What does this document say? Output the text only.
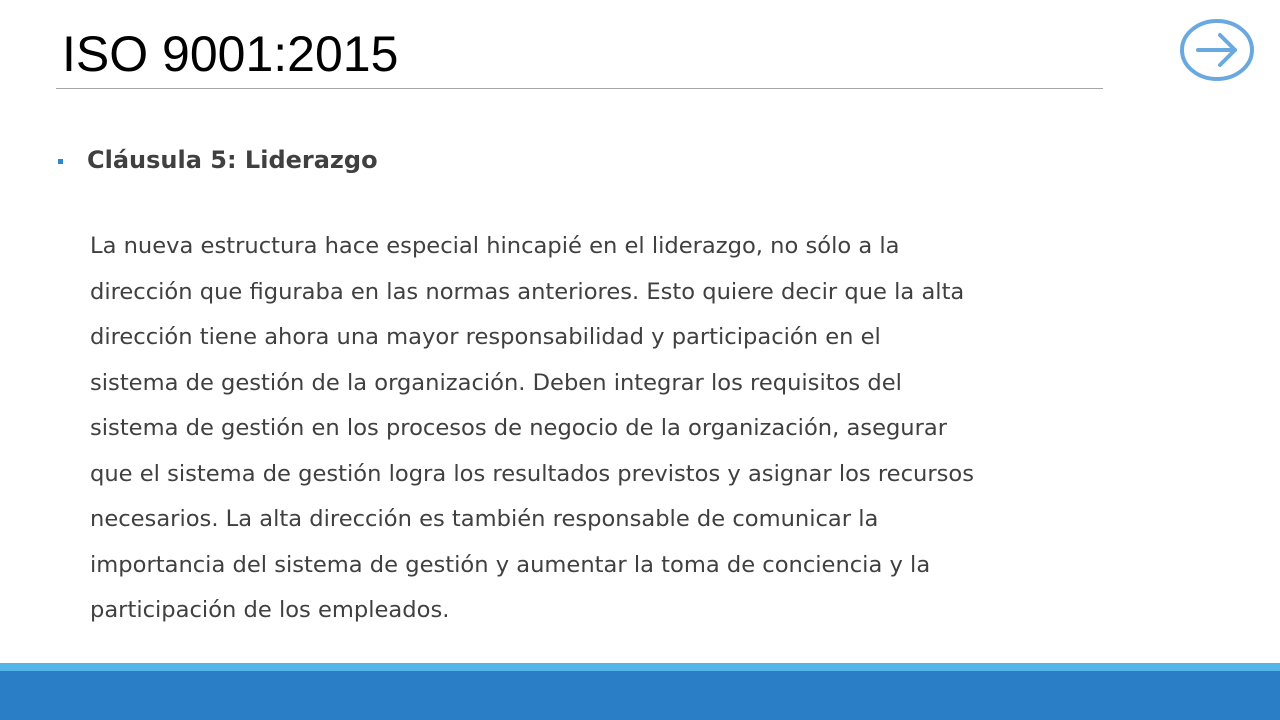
ISO 9001:2015
Cláusula 5: Liderazgo

La nueva estructura hace especial hincapié en el liderazgo, no sólo a la
dirección que figuraba en las normas anteriores. Esto quiere decir que la alta
dirección tiene ahora una mayor responsabilidad y participación en el
sistema de gestión de la organización. Deben integrar los requisitos del
sistema de gestión en los procesos de negocio de la organización, asegurar
que el sistema de gestión logra los resultados previstos y asignar los recursos
necesarios. La alta dirección es también responsable de comunicar la
importancia del sistema de gestión y aumentar la toma de conciencia y la
participación de los empleados.
